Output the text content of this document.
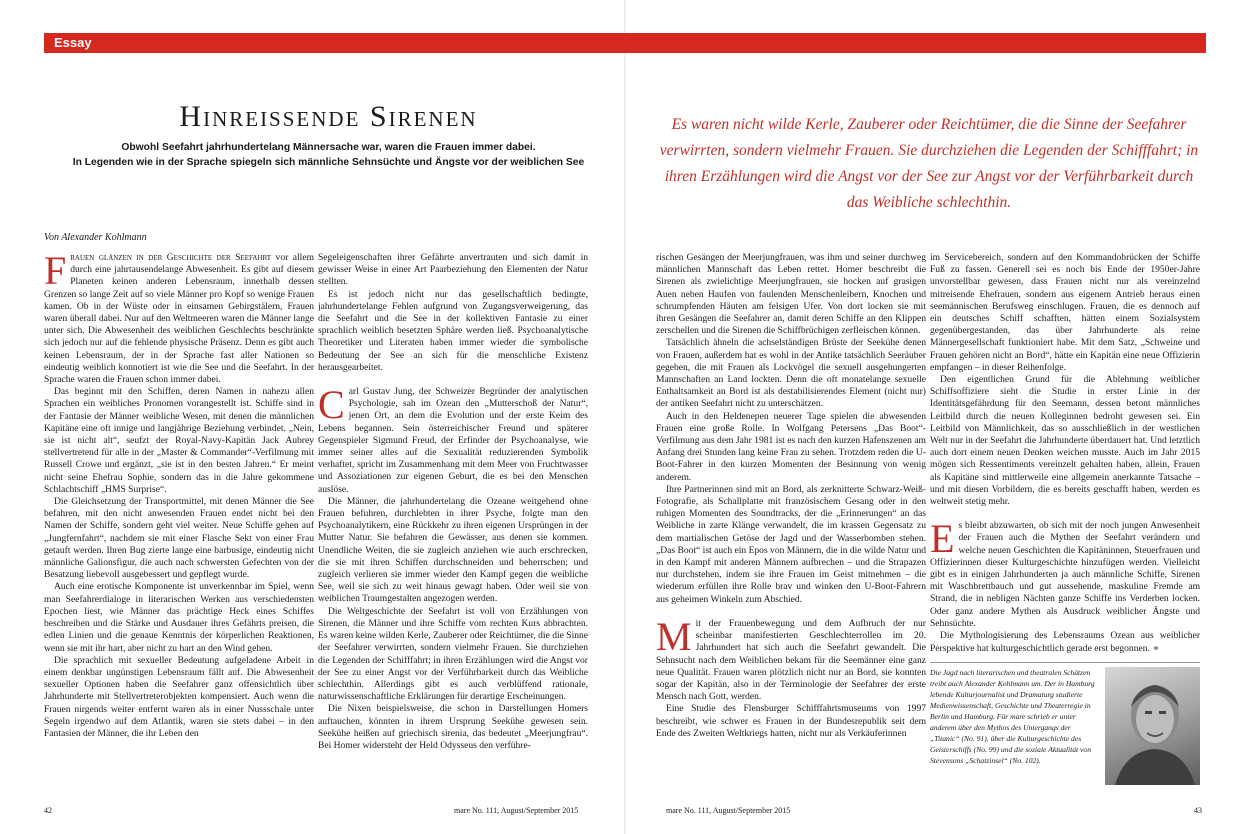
Essay
Hinreissende Sirenen

Obwohl Seefahrt jahrhundertelang Männersache war, waren die Frauen immer dabei.
In Legenden wie in der Sprache spiegeln sich männliche Sehnsüchte und Ängste vor der weiblichen See

Es waren nicht wilde Kerle, Zauberer oder Reichtümer, die die Sinne der Seefahrer verwirrten, sondern vielmehr Frauen. Sie durchziehen die Legenden der Schifffahrt; in ihren Erzählungen wird die Angst vor der See zur Angst vor der Verführbarkeit durch das Weibliche schlechthin.

Von Alexander Kohlmann

Frauen glänzen in der Geschichte der Seefahrt vor allem durch eine jahrtausendelange Abwesenheit. Es gibt auf diesem Planeten keinen anderen Lebensraum, innerhalb dessen Grenzen so lange Zeit auf so viele Männer pro Kopf so wenige Frauen kamen. Ob in der Wüste oder in einsamen Gebirgstälern, Frauen waren überall dabei. Nur auf den Weltmeeren waren die Männer lange unter sich. Die Abwesenheit des weiblichen Geschlechts beschränkte sich jedoch nur auf die fehlende physische Präsenz. Denn es gibt auch keinen Lebensraum, der in der Sprache fast aller Nationen so eindeutig weiblich konnotiert ist wie die See und die Seefahrt. In der Sprache waren die Frauen schon immer dabei.

Das beginnt mit den Schiffen, deren Namen in nahezu allen Sprachen ein weibliches Pronomen vorangestellt ist. Schiffe sind in der Fantasie der Männer weibliche Wesen, mit denen die männlichen Kapitäne eine oft innige und langjährige Beziehung verbindet. „Nein, sie ist nicht alt“, seufzt der Royal-Navy-Kapitän Jack Aubrey stellvertretend für alle in der „Master & Commander“-Verfilmung mit Russell Crowe und ergänzt, „sie ist in den besten Jahren.“ Er meint nicht seine Ehefrau Sophie, sondern das in die Jahre gekommene Schlachtschiff „HMS Surprise“.

Die Gleichsetzung der Transportmittel, mit denen Männer die See befahren, mit den nicht anwesenden Frauen endet nicht bei den Namen der Schiffe, sondern geht viel weiter. Neue Schiffe gehen auf „Jungfernfahrt“, nachdem sie mit einer Flasche Sekt von einer Frau getauft werden. Ihren Bug zierte lange eine barbusige, eindeutig nicht männliche Galionsfigur, die auch nach schwersten Gefechten von der Besatzung liebevoll ausgebessert und gepflegt wurde.

Auch eine erotische Komponente ist unverkennbar im Spiel, wenn man Seefahrerdialoge in literarischen Werken aus verschiedensten Epochen liest, wie Männer das prächtige Heck eines Schiffes beschreiben und die Stärke und Ausdauer ihres Gefährts preisen, die edlen Linien und die genaue Kenntnis der körperlichen Reaktionen, wenn sie mit ihr hart, aber nicht zu hart an den Wind gehen.

Die sprachlich mit sexueller Bedeutung aufgeladene Arbeit in einem denkbar ungünstigen Lebensraum fällt auf. Die Abwesenheit sexueller Optionen haben die Seefahrer ganz offensichtlich über Jahrhunderte mit Stellvertreterobjekten kompensiert. Auch wenn die Frauen nirgends weiter entfernt waren als in einer Nussschale unter Segeln irgendwo auf dem Atlantik, waren sie stets dabei – in den Fantasien der Männer, die ihr Leben den

Segeleigenschaften ihrer Gefährte anvertrauten und sich damit in gewisser Weise in einer Art Paarbeziehung den Elementen der Natur stellten.

Es ist jedoch nicht nur das gesellschaftlich bedingte, jahrhundertelange Fehlen aufgrund von Zugangsverweigerung, das die Seefahrt und die See in der kollektiven Fantasie zu einer sprachlich weiblich besetzten Sphäre werden ließ. Psychoanalytische Theoretiker und Literaten haben immer wieder die symbolische Bedeutung der See an sich für die menschliche Existenz herausgearbeitet.

Carl Gustav Jung, der Schweizer Begründer der analytischen Psychologie, sah im Ozean den „Mutterschoß der Natur“, jenen Ort, an dem die Evolution und der erste Keim des Lebens begannen. Sein österreichischer Freund und späterer Gegenspieler Sigmund Freud, der Erfinder der Psychoanalyse, wie immer seiner alles auf die Sexualität reduzierenden Symbolik verhaftet, spricht im Zusammenhang mit dem Meer von Fruchtwasser und Assoziationen zur eigenen Geburt, die es bei den Menschen auslöse.

Die Männer, die jahrhundertelang die Ozeane weitgehend ohne Frauen befuhren, durchlebten in ihrer Psyche, folgte man den Psychoanalytikern, eine Rückkehr zu ihren eigenen Ursprüngen in der Mutter Natur. Sie befahren die Gewässer, aus denen sie kommen. Unendliche Weiten, die sie zugleich anziehen wie auch erschrecken, die sie mit ihren Schiffen durchschneiden und beherrschen; und zugleich verlieren sie immer wieder den Kampf gegen die weibliche See, weil sie sich zu weit hinaus gewagt haben. Oder weil sie von weiblichen Traumgestalten angezogen werden.

Die Weltgeschichte der Seefahrt ist voll von Erzählungen von Sirenen, die Männer und ihre Schiffe vom rechten Kurs abbrachten. Es waren keine wilden Kerle, Zauberer oder Reichtümer, die die Sinne der Seefahrer verwirrten, sondern vielmehr Frauen. Sie durchziehen die Legenden der Schifffahrt; in ihren Erzählungen wird die Angst vor der See zu einer Angst vor der Verführbarkeit durch das Weibliche schlechthin. Allerdings gibt es auch verblüffend rationale, naturwissenschaftliche Erklärungen für derartige Erscheinungen.

Die Nixen beispielsweise, die schon in Darstellungen Homers auftauchen, könnten in ihrem Ursprung Seekühe gewesen sein. Seekühe heißen auf griechisch sirenia, das bedeutet „Meerjungfrau“. Bei Homer widersteht der Held Odysseus den verführe-

rischen Gesängen der Meerjungfrauen, was ihm und seiner durchweg männlichen Mannschaft das Leben rettet. Homer beschreibt die Sirenen als zwielichtige Meerjungfrauen, sie hocken auf grasigen Auen neben Haufen von faulenden Menschenleibern, Knochen und schrumpfenden Häuten am felsigen Ufer. Von dort locken sie mit ihren Gesängen die Seefahrer an, damit deren Schiffe an den Klippen zerschellen und die Sirenen die Schiffbrüchigen zerfleischen können.

Tatsächlich ähneln die achselständigen Brüste der Seekühe denen von Frauen, außerdem hat es wohl in der Antike tatsächlich Seeräuber gegeben, die mit Frauen als Lockvögel die sexuell ausgehungerten Mannschaften an Land lockten. Denn die oft monatelange sexuelle Enthaltsamkeit an Bord ist als destabilisierendes Element (nicht nur) der antiken Seefahrt nicht zu unterschätzen.

Auch in den Heldenepen neuerer Tage spielen die abwesenden Frauen eine große Rolle. In Wolfgang Petersens „Das Boot“-Verfilmung aus dem Jahr 1981 ist es nach den kurzen Hafenszenen am Anfang drei Stunden lang keine Frau zu sehen. Trotzdem reden die U-Boot-Fahrer in den kurzen Momenten der Besinnung von wenig anderem.

Ihre Partnerinnen sind mit an Bord, als zerknitterte Schwarz-Weiß-Fotografie, als Schallplatte mit französischem Gesang oder in den ruhigen Momenten des Soundtracks, der die „Erinnerungen“ an das Weibliche in zarte Klänge verwandelt, die im krassen Gegensatz zu dem martialischen Getöse der Jagd und der Wasserbomben stehen. „Das Boot“ ist auch ein Epos von Männern, die in die wilde Natur und in den Kampf mit anderen Männern aufbrechen – und die Strapazen nur durchstehen, indem sie ihre Frauen im Geist mitnehmen – die wiederum erfüllen ihre Rolle brav und winken den U-Boot-Fahrern aus geheimen Winkeln zum Abschied.

Mit der Frauenbewegung und dem Aufbruch der nur scheinbar manifestierten Geschlechterrollen im 20. Jahrhundert hat sich auch die Seefahrt gewandelt. Die Sehnsucht nach dem Weiblichen bekam für die Seemänner eine ganz neue Qualität. Frauen waren plötzlich nicht nur an Bord, sie konnten sogar der Kapitän, also in der Terminologie der Seefahrer der erste Mensch nach Gott, werden.

Eine Studie des Flensburger Schifffahrtsmuseums von 1997 beschreibt, wie schwer es Frauen in der Bundesrepublik seit dem Ende des Zweiten Weltkriegs hatten, nicht nur als Verkäuferinnen

im Servicebereich, sondern auf den Kommandobrücken der Schiffe Fuß zu fassen. Generell sei es noch bis Ende der 1950er-Jahre unvorstellbar gewesen, dass Frauen nicht nur als vereinzelnd mitreisende Ehefrauen, sondern aus eigenem Antrieb heraus einen seemännischen Berufsweg einschlugen. Frauen, die es dennoch auf ein deutsches Schiff schafften, hätten einem Sozialsystem gegenübergestanden, das über Jahrhunderte als reine Männergesellschaft funktioniert habe. Mit dem Satz, „Schweine und Frauen gehören nicht an Bord“, hätte ein Kapitän eine neue Offizierin empfangen – in dieser Reihenfolge.

Den eigentlichen Grund für die Ablehnung weiblicher Schiffsoffiziere sieht die Studie in erster Linie in der Identitätsgefährdung für den Seemann, dessen betont männliches Leitbild durch die neuen Kolleginnen bedroht gewesen sei. Ein Leitbild von Männlichkeit, das so ausschließlich in der westlichen Welt nur in der Seefahrt die Jahrhunderte überdauert hat. Und letztlich auch dort einem neuen Denken weichen musste. Auch im Jahr 2015 mögen sich Ressentiments vereinzelt gehalten haben, allein, Frauen als Kapitäne sind mittlerweile eine allgemein anerkannte Tatsache – und mit diesen Vorbildern, die es bereits geschafft haben, werden es weltweit stetig mehr.

Es bleibt abzuwarten, ob sich mit der noch jungen Anwesenheit der Frauen auch die Mythen der Seefahrt verändern und welche neuen Geschichten die Kapitäninnen, Steuerfrauen und Offizierinnen dieser Kulturgeschichte hinzufügen werden. Vielleicht gibt es in einigen Jahrhunderten ja auch männliche Schiffe, Sirenen mit Waschbrettbauch und gut aussehende, maskuline Fremde am Strand, die in nebligen Nächten ganze Schiffe ins Verderben locken. Oder ganz andere Mythen als Ausdruck weiblicher Ängste und Sehnsüchte.

Die Mythologisierung des Lebensraums Ozean aus weiblicher Perspektive hat kulturgeschichtlich gerade erst begonnen. ⚭

Die Jagd nach literarischen und theatralen Schätzen treibt auch Alexander Kohlmann um. Der in Hamburg lebende Kulturjournalist und Dramaturg studierte Medienwissenschaft, Geschichte und Theaterregie in Berlin und Hamburg. Für mare schrieb er unter anderem über den Mythos des Untergangs der „Titanic“ (No. 91), über die Kulturgeschichte des Geisterschiffs (No. 99) und die soziale Aktualität von Stevensons „Schatzinsel“ (No. 102).
42	mare No. 111, August/September 2015	mare No. 111, August/September 2015	43
